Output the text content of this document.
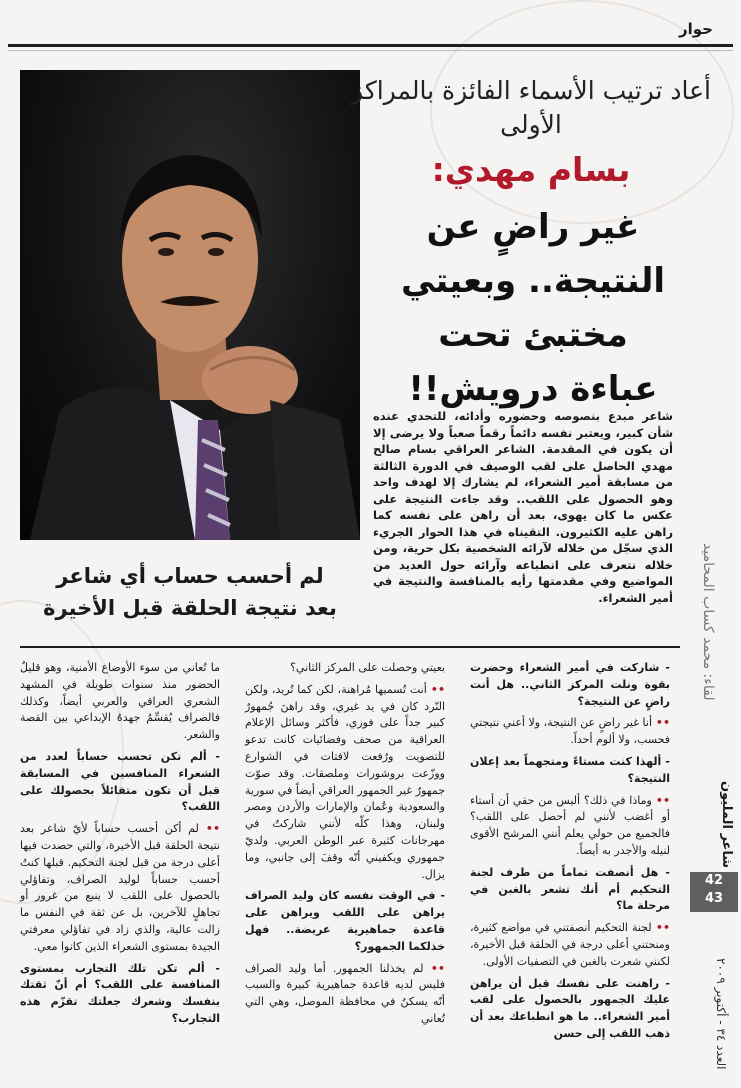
حوار
أعاد ترتيب الأسماء الفائزة بالمراكز الأولى
بسام مهدي:
غير راضٍ عن
النتيجة.. وبعيتي
مختبئ تحت
عباءة درويش!!
لقاء: محمد كساب المحاميد
شاعر مبدع بنصوصه وحضوره وأدائه، للتحدي عنده شأن كبير، ويعتبر نفسه دائماً رقماً صعباً ولا يرضى إلا أن يكون في المقدمة. الشاعر العراقي بسام صالح مهدي الحاصل على لقب الوصيف في الدورة الثالثة من مسابقة أمير الشعراء، لم يشارك إلا لهدف واحد وهو الحصول على اللقب.. وقد جاءت النتيجة على عكس ما كان يهوى، بعد أن راهن على نفسه كما راهن عليه الكثيرون. التقيناه في هذا الحوار الجريء الذي سجّل من خلاله لآرائه الشخصية بكل حرية، ومن خلاله نتعرف على انطباعه وآرائه حول العديد من المواضيع وفي مقدمتها رأيه بالمنافسة والنتيجة في أمير الشعراء.
لم أحسب حساب أي شاعر
بعد نتيجة الحلقة قبل الأخيرة

- شاركت في أمير الشعراء وحضرت بقوة ونلت المركز الثاني.. هل أنت راضٍ عن النتيجة؟

•• أنا غير راضٍ عن النتيجة، ولا أعني نتيجتي فحسب، ولا ألوم أحداً.

- ألهذا كنت مستاءً ومتجهماً بعد إعلان النتيجة؟

•• وماذا في ذلك؟ أليس من حقي أن أستاء أو أغضب لأنني لم أحصل على اللقب؟ فالجميع من حولي يعلم أنني المرشح الأقوى لنيله والأجدر به أيضاً.

- هل أنصفت تماماً من طرف لجنة التحكيم أم أنك تشعر بالغبن في مرحلة ما؟

•• لجنة التحكيم أنصفتني في مواضع كثيرة، ومنحتني أعلى درجة في الحلقة قبل الأخيرة، لكنني شعرت بالغبن في التصفيات الأولى.

- راهنت على نفسك قبل أن يراهن عليك الجمهور بالحصول على لقب أمير الشعراء.. ما هو انطباعك بعد أن ذهب اللقب إلى حسن

بعيتي وحصلت على المركز الثاني؟

•• أنت تُسميها مُراهنة، لكن كما تُريد، ولكن النّرد كان في يد غيري، وقد راهنَ جُمهورٌ كبير جداً على فوزي، فأكثر وسائل الإعلام العراقية من صحف وفضائيات كانت تدعو للتصويت ورُفعت لافتات في الشوارع ووزّعت بروشورات وملصقات. وقد صوّت جمهورٌ غير الجمهور العراقي أيضاً في سورية والسعودية وعُمان والإمارات والأردن ومصر ولبنان، وهذا كلّه لأنني شاركتُ في مهرجانات كثيرة عبر الوطن العربي. ولديّ جمهوري ويكفيني أنّه وقفَ إلى جانبي، وما يزال.

- في الوقت نفسه كان وليد الصراف يراهن على اللقب ويراهن على قاعدة جماهيرية عريضة.. فهل خذلكما الجمهور؟

•• لم يخذلنا الجمهور. أما وليد الصراف فليس لديه قاعدة جماهيرية كبيرة والسبب أنّه يسكنُ في محافظة الموصل، وهي التي تُعاني

ما تُعاني من سوء الأوضاع الأمنية، وهو قليلُ الحضور منذ سنوات طويلة في المشهد الشعري العراقي والعربي أيضاً، وكذلك فالصراف يُقسِّمُ جهدهُ الإبداعي بين القصة والشعر.

- ألم تكن تحسب حساباً لعدد من الشعراء المنافسين في المسابقة قبل أن تكون متفائلاً بحصولك على اللقب؟

•• لم أكن أحسب حساباً لأيّ شاعر بعد نتيجة الحلقة قبل الأخيرة، والتي حصدت فيها أعلى درجة من قبل لجنة التحكيم. قبلها كنتُ أحسب حساباً لوليد الصراف، وتفاؤلي بالحصول على اللقب لا ينبع من غرور أو تجاهلٍ للآخرين، بل عن ثقة في النفس ما زالت عالية، والذي زاد في تفاؤلي معرفتي الجيدة بمستوى الشعراء الذين كانوا معي.

- ألم تكن تلك التجارب بمستوى المنافسة على اللقب؟ أم أنّ ثقتك بنفسك وشعرك جعلتك تقزّم هذه التجارب؟

شاعر المليون
42
43
العدد ٣٤ - أكتوبر ٢٠٠٩
